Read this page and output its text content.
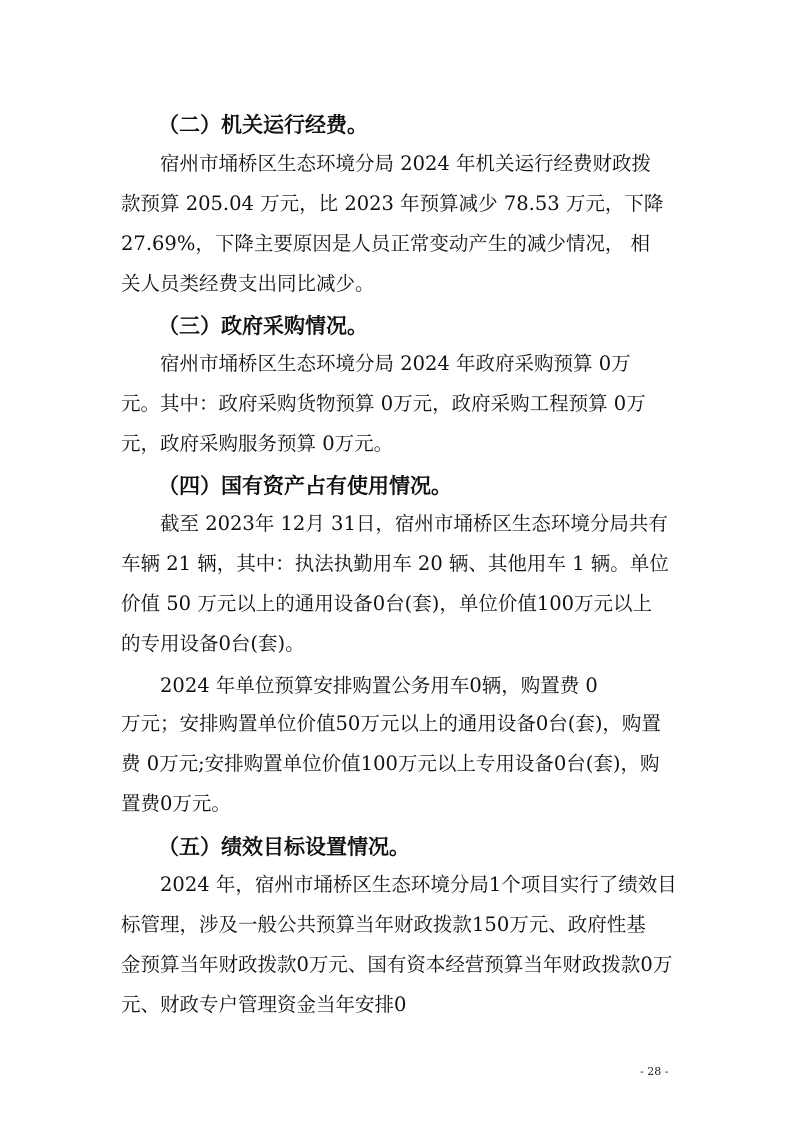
（二）机关运行经费。
宿州市埇桥区生态环境分局 2024 年机关运行经费财政拨
款预算 205.04 万元，比 2023 年预算减少 78.53 万元，下降
27.69%，下降主要原因是人员正常变动产生的减少情况， 相
关人员类经费支出同比减少。
（三）政府采购情况。
宿州市埇桥区生态环境分局 2024 年政府采购预算 0万
元。其中：政府采购货物预算 0万元，政府采购工程预算 0万
元，政府采购服务预算 0万元。
（四）国有资产占有使用情况。
截至 2023年 12月 31日，宿州市埇桥区生态环境分局共有
车辆 21 辆，其中：执法执勤用车 20 辆、其他用车 1 辆。单位
价值 50 万元以上的通用设备0台(套)，单位价值100万元以上
的专用设备0台(套)。
2024 年单位预算安排购置公务用车0辆，购置费 0
万元；安排购置单位价值50万元以上的通用设备0台(套)，购置
费 0万元;安排购置单位价值100万元以上专用设备0台(套)，购
置费0万元。
（五）绩效目标设置情况。
2024 年，宿州市埇桥区生态环境分局1个项目实行了绩效目
标管理，涉及一般公共预算当年财政拨款150万元、政府性基
金预算当年财政拨款0万元、国有资本经营预算当年财政拨款0万
元、财政专户管理资金当年安排0
- 28 -
